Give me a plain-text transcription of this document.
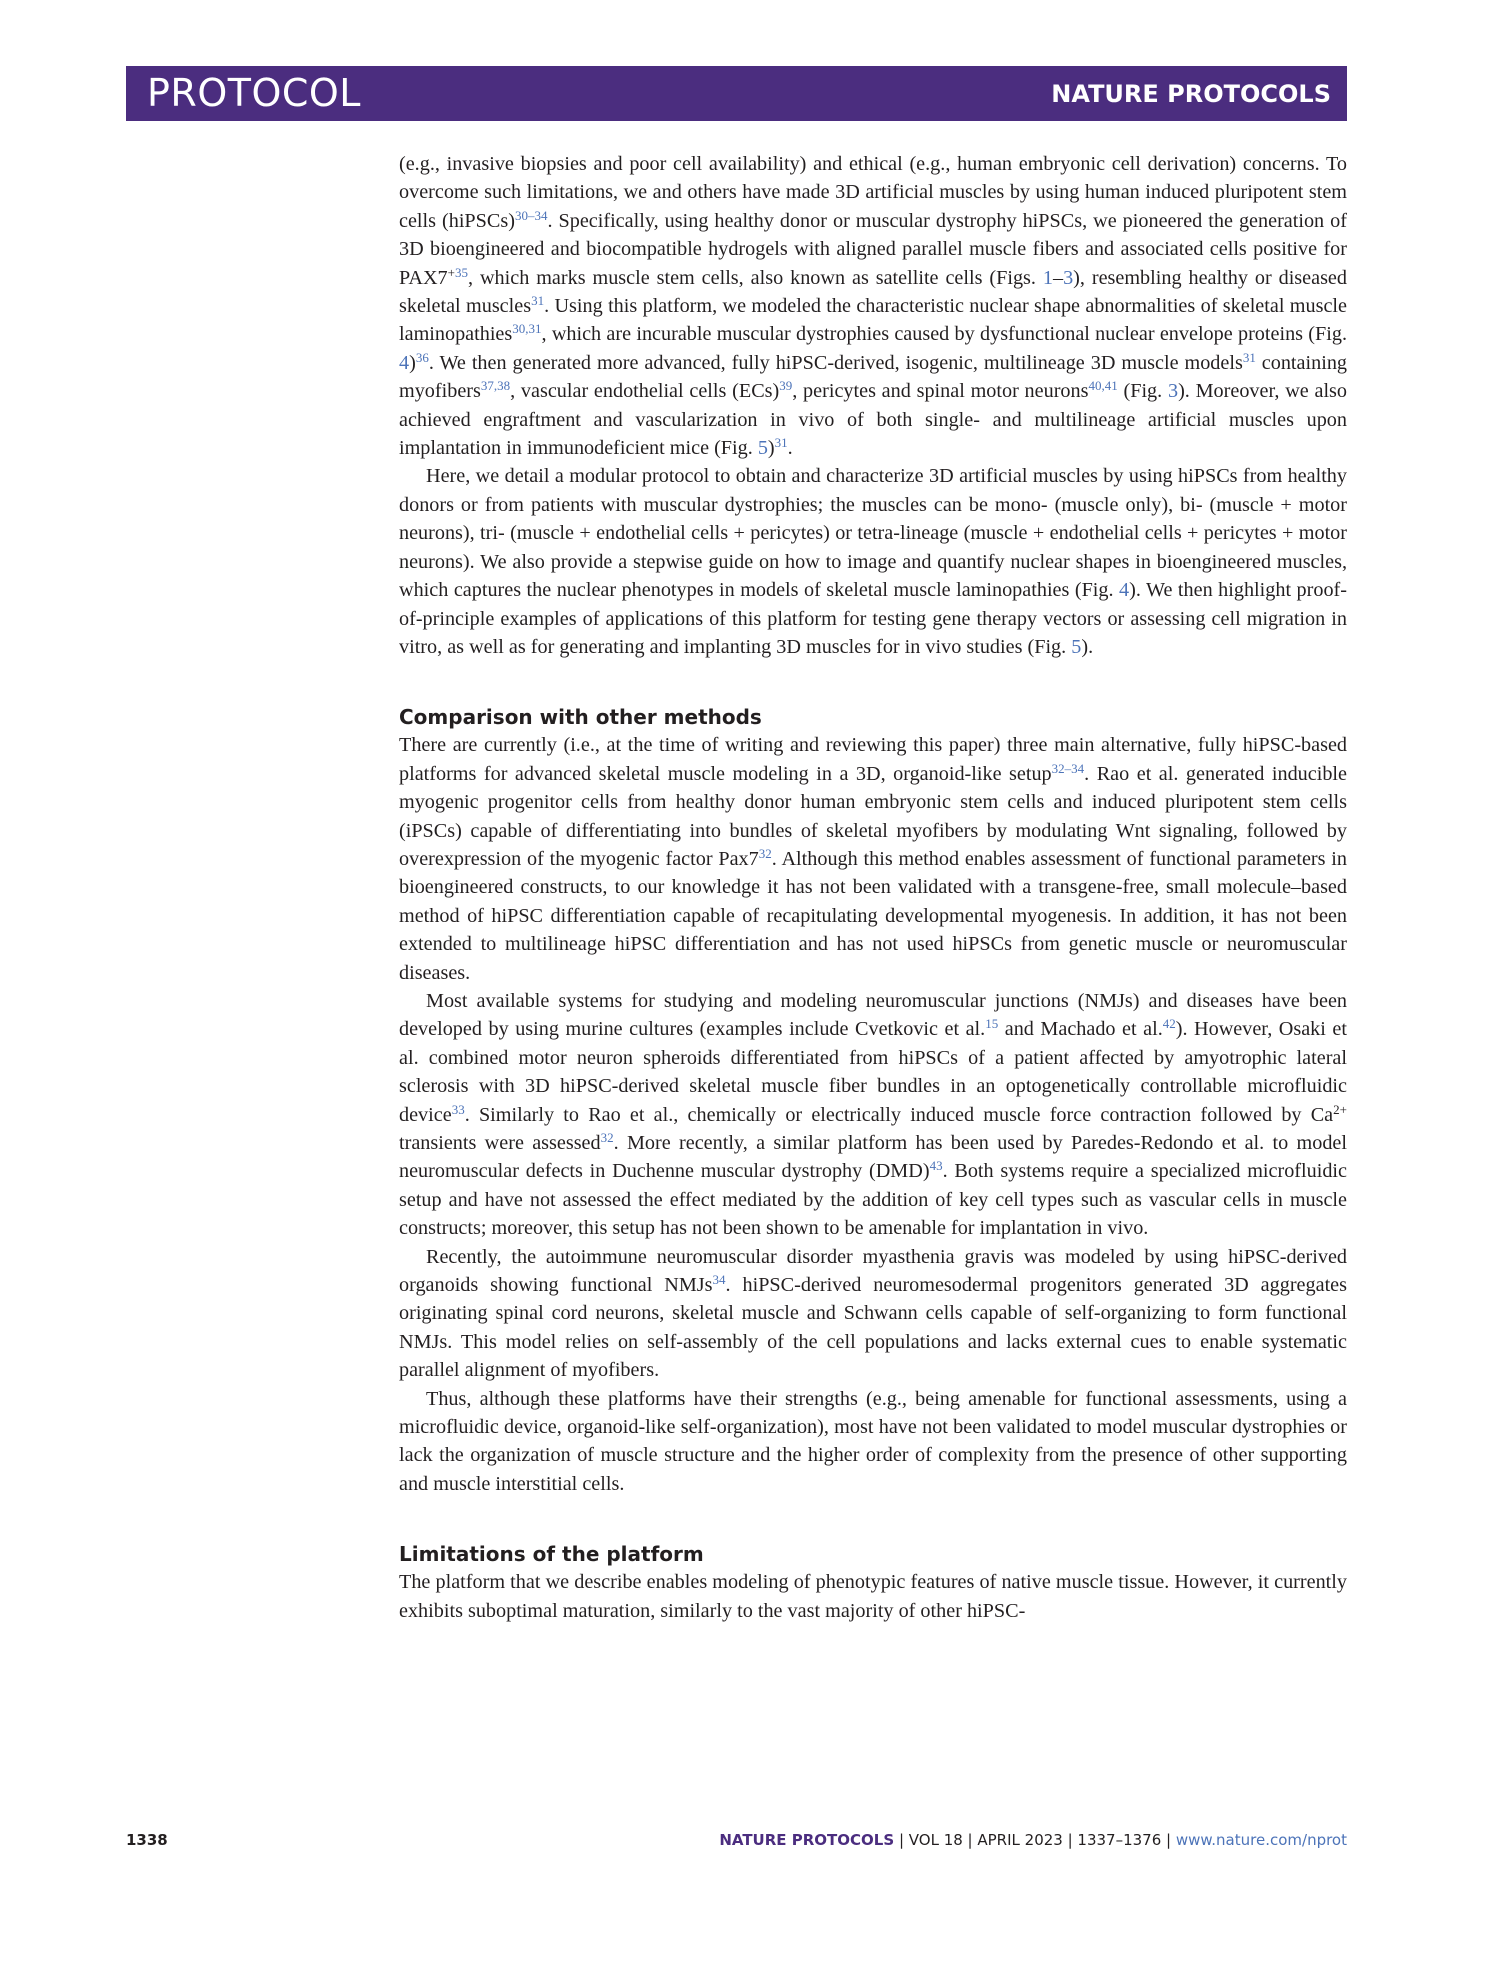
PROTOCOL	NATURE PROTOCOLS

(e.g., invasive biopsies and poor cell availability) and ethical (e.g., human embryonic cell derivation) concerns. To overcome such limitations, we and others have made 3D artificial muscles by using human induced pluripotent stem cells (hiPSCs)$^{30-34}$. Specifically, using healthy donor or muscular dystrophy hiPSCs, we pioneered the generation of 3D bioengineered and biocompatible hydrogels with aligned parallel muscle fibers and associated cells positive for $PAX7^{+35}$, which marks muscle stem cells, also known as satellite cells (Figs. 1–3), resembling healthy or diseased skeletal muscles$^{31}$. Using this platform, we modeled the characteristic nuclear shape abnormalities of skeletal muscle laminopathies$^{30,31}$, which are incurable muscular dystrophies caused by dysfunctional nuclear envelope proteins (Fig. 4)$^{36}$. We then generated more advanced, fully hiPSC-derived, isogenic, multilineage 3D muscle models$^{31}$ containing myofibers$^{37,38}$, vascular endothelial cells (ECs)$^{39}$, pericytes and spinal motor neurons$^{40,41}$ (Fig. 3). Moreover, we also achieved engraftment and vascularization in vivo of both single- and multilineage artificial muscles upon implantation in immunodeficient mice (Fig. 5)$^{31}$.

Here, we detail a modular protocol to obtain and characterize 3D artificial muscles by using hiPSCs from healthy donors or from patients with muscular dystrophies; the muscles can be mono- (muscle only), bi- (muscle + motor neurons), tri- (muscle + endothelial cells + pericytes) or tetra-lineage (muscle + endothelial cells + pericytes + motor neurons). We also provide a stepwise guide on how to image and quantify nuclear shapes in bioengineered muscles, which captures the nuclear phenotypes in models of skeletal muscle laminopathies (Fig. 4). We then highlight proof-of-principle examples of applications of this platform for testing gene therapy vectors or assessing cell migration in vitro, as well as for generating and implanting 3D muscles for in vivo studies (Fig. 5).

Comparison with other methods

There are currently (i.e., at the time of writing and reviewing this paper) three main alternative, fully hiPSC-based platforms for advanced skeletal muscle modeling in a 3D, organoid-like setup$^{32-34}$. Rao et al. generated inducible myogenic progenitor cells from healthy donor human embryonic stem cells and induced pluripotent stem cells (iPSCs) capable of differentiating into bundles of skeletal myofibers by modulating Wnt signaling, followed by overexpression of the myogenic factor $Pax7^{32}$. Although this method enables assessment of functional parameters in bioengineered constructs, to our knowledge it has not been validated with a transgene-free, small molecule–based method of hiPSC differentiation capable of recapitulating developmental myogenesis. In addition, it has not been extended to multilineage hiPSC differentiation and has not used hiPSCs from genetic muscle or neuromuscular diseases.

Most available systems for studying and modeling neuromuscular junctions (NMJs) and diseases have been developed by using murine cultures (examples include Cvetkovic et al.$^{15}$ and Machado et al.$^{42}$). However, Osaki et al. combined motor neuron spheroids differentiated from hiPSCs of a patient affected by amyotrophic lateral sclerosis with 3D hiPSC-derived skeletal muscle fiber bundles in an optogenetically controllable microfluidic device$^{33}$. Similarly to Rao et al., chemically or electrically induced muscle force contraction followed by $Ca^{2+}$ transients were assessed$^{32}$. More recently, a similar platform has been used by Paredes-Redondo et al. to model neuromuscular defects in Duchenne muscular dystrophy (DMD)$^{43}$. Both systems require a specialized microfluidic setup and have not assessed the effect mediated by the addition of key cell types such as vascular cells in muscle constructs; moreover, this setup has not been shown to be amenable for implantation in vivo.

Recently, the autoimmune neuromuscular disorder myasthenia gravis was modeled by using hiPSC-derived organoids showing functional NMJs$^{34}$. hiPSC-derived neuromesodermal progenitors generated 3D aggregates originating spinal cord neurons, skeletal muscle and Schwann cells capable of self-organizing to form functional NMJs. This model relies on self-assembly of the cell populations and lacks external cues to enable systematic parallel alignment of myofibers.

Thus, although these platforms have their strengths (e.g., being amenable for functional assessments, using a microfluidic device, organoid-like self-organization), most have not been validated to model muscular dystrophies or lack the organization of muscle structure and the higher order of complexity from the presence of other supporting and muscle interstitial cells.

Limitations of the platform

The platform that we describe enables modeling of phenotypic features of native muscle tissue. However, it currently exhibits suboptimal maturation, similarly to the vast majority of other hiPSC-

1338	NATURE PROTOCOLS | VOL 18 | APRIL 2023 | 1337–1376 | www.nature.com/nprot
